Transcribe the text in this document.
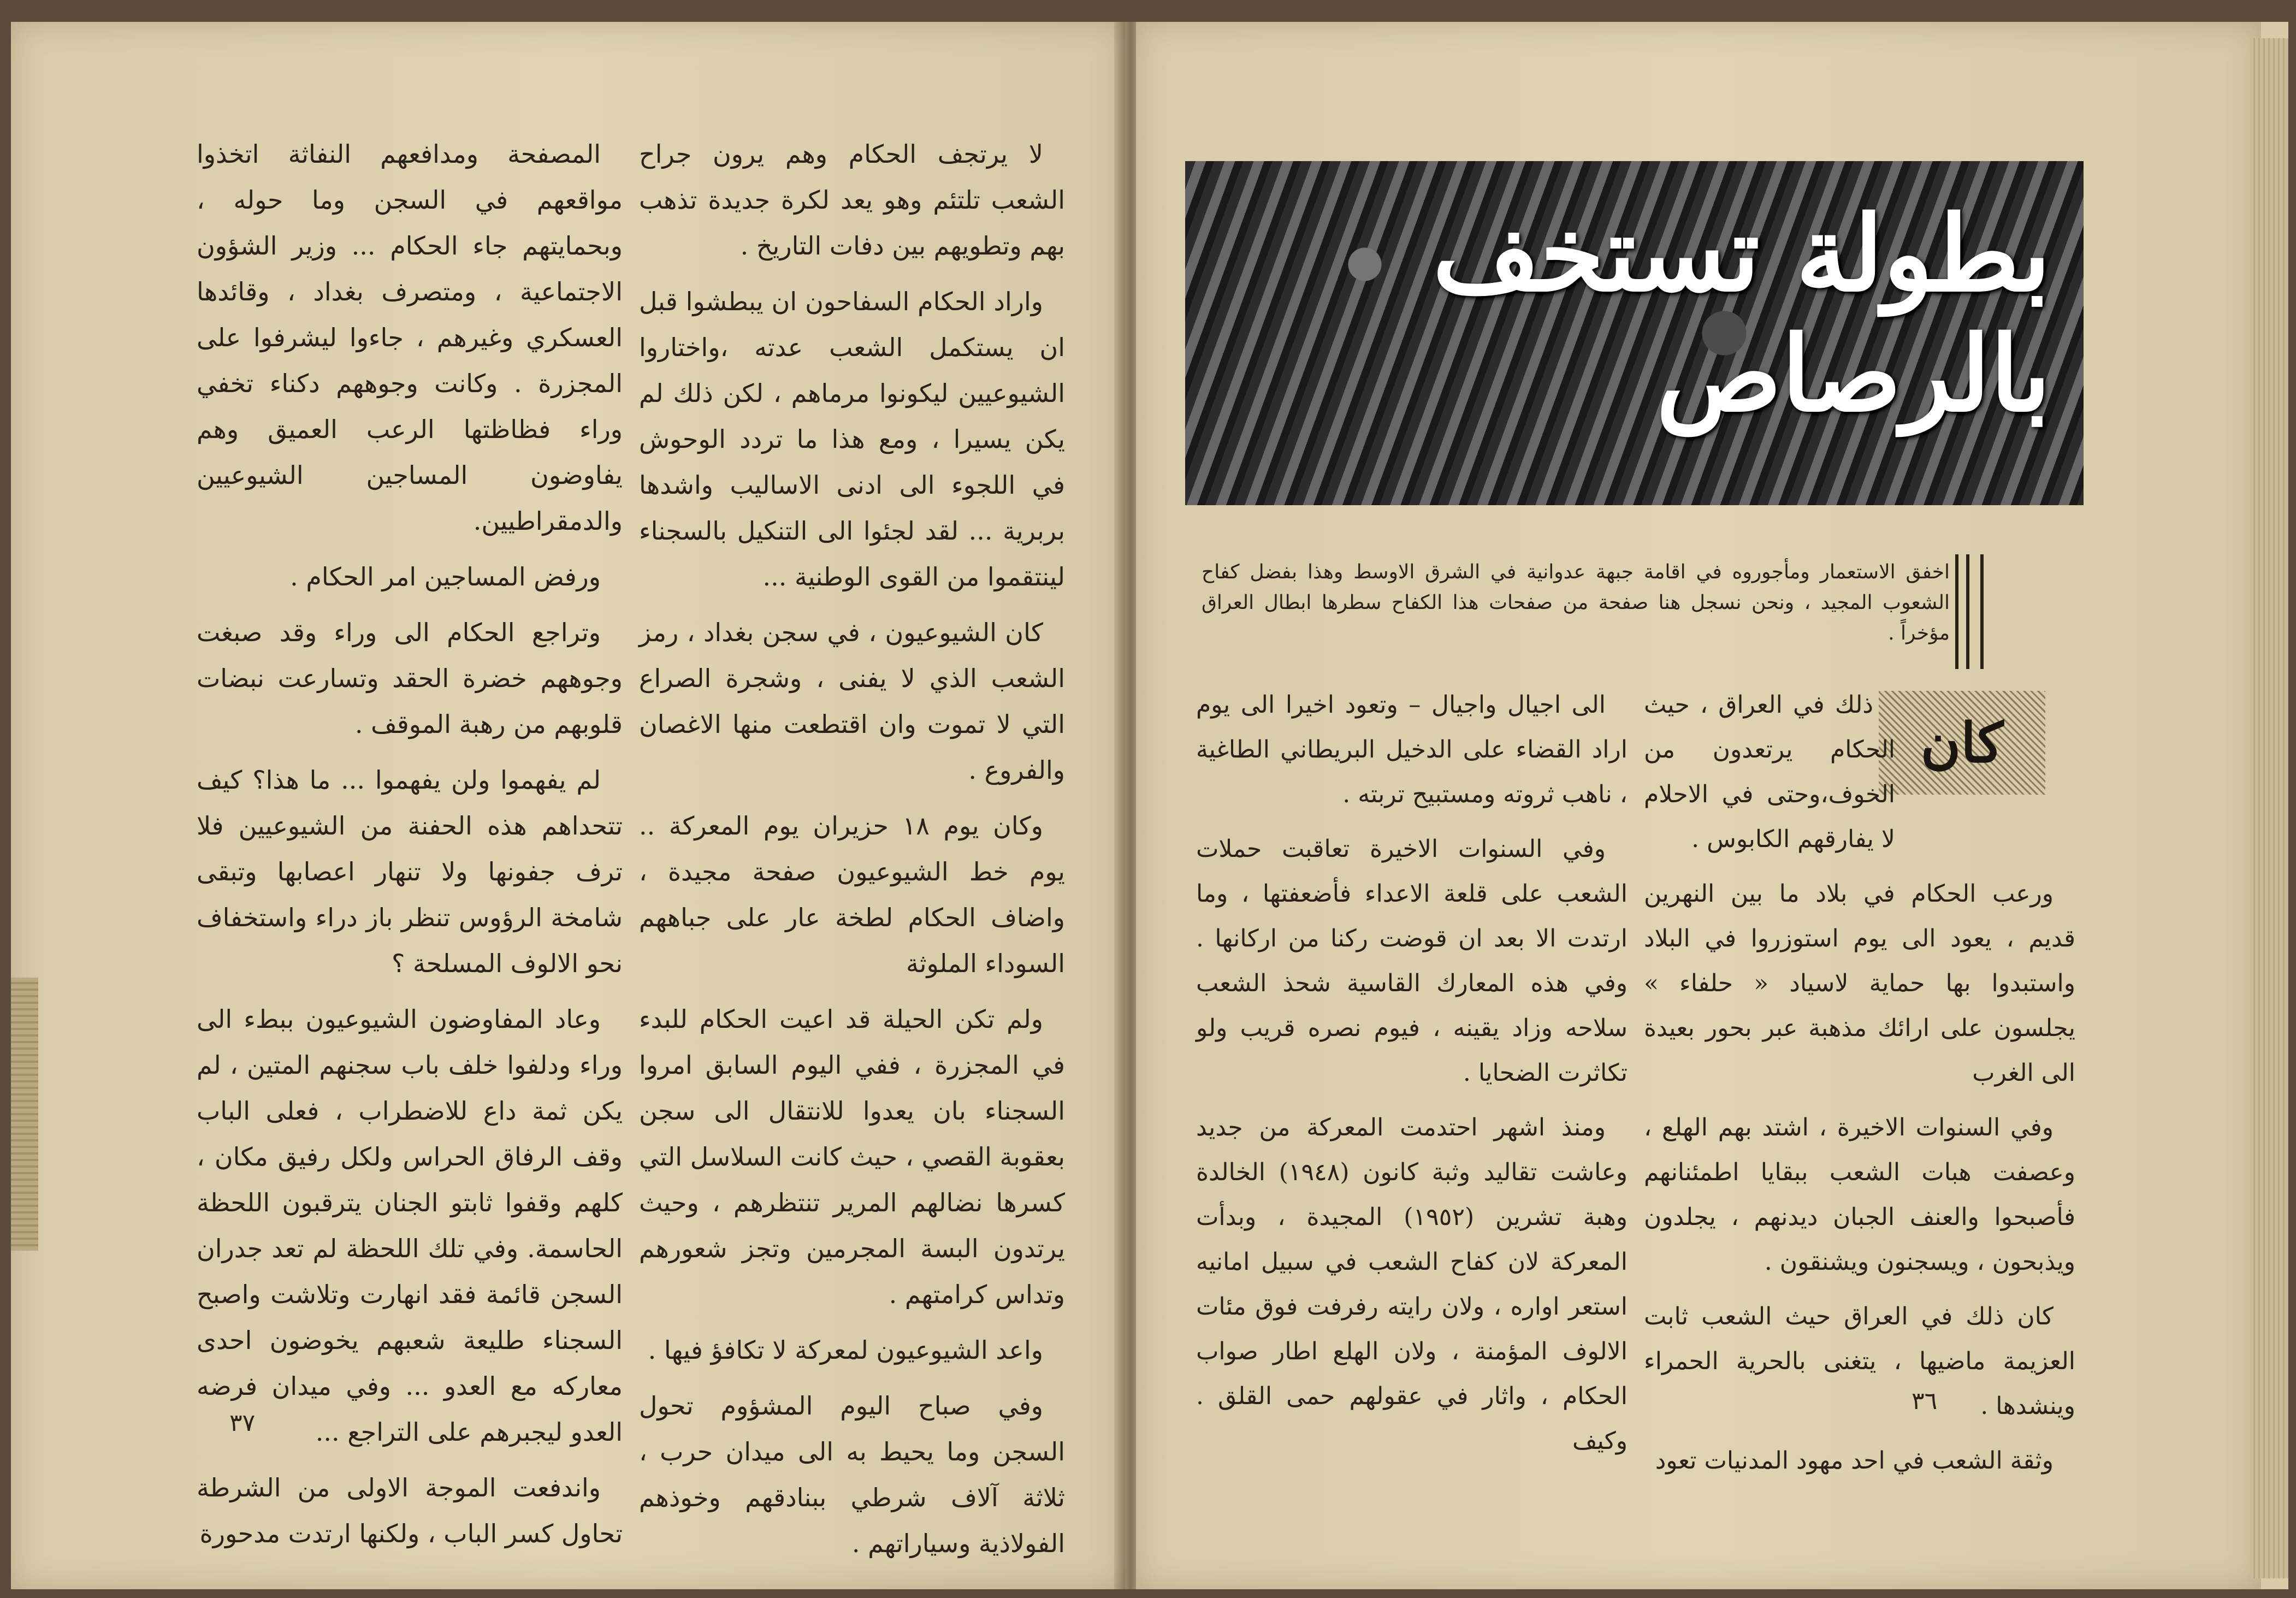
لا يرتجف الحكام وهم يرون جراح الشعب تلتئم وهو يعد لكرة جديدة تذهب بهم وتطويهم بين دفات التاريخ .

واراد الحكام السفاحون ان يبطشوا قبل ان يستكمل الشعب عدته ،واختاروا الشيوعيين ليكونوا مرماهم ، لكن ذلك لم يكن يسيرا ، ومع هذا ما تردد الوحوش في اللجوء الى ادنى الاساليب واشدها بربرية ... لقد لجئوا الى التنكيل بالسجناء لينتقموا من القوى الوطنية ...

كان الشيوعيون ، في سجن بغداد ، رمز الشعب الذي لا يفنى ، وشجرة الصراع التي لا تموت وان اقتطعت منها الاغصان والفروع .

وكان يوم ١٨ حزيران يوم المعركة .. يوم خط الشيوعيون صفحة مجيدة ، واضاف الحكام لطخة عار على جباههم السوداء الملوثة

ولم تكن الحيلة قد اعيت الحكام للبدء في المجزرة ، ففي اليوم السابق امروا السجناء بان يعدوا للانتقال الى سجن بعقوبة القصي ، حيث كانت السلاسل التي كسرها نضالهم المرير تنتظرهم ، وحيث يرتدون البسة المجرمين وتجز شعورهم وتداس كرامتهم .

واعد الشيوعيون لمعركة لا تكافؤ فيها .

وفي صباح اليوم المشؤوم تحول السجن وما يحيط به الى ميدان حرب ، ثلاثة آلاف شرطي ببنادقهم وخوذهم الفولاذية وسياراتهم .

المصفحة ومدافعهم النفاثة اتخذوا مواقعهم في السجن وما حوله ، وبحمايتهم جاء الحكام ... وزير الشؤون الاجتماعية ، ومتصرف بغداد ، وقائدها العسكري وغيرهم ، جاءوا ليشرفوا على المجزرة . وكانت وجوههم دكناء تخفي وراء فظاظتها الرعب العميق وهم يفاوضون المساجين الشيوعيين والدمقراطيين.

ورفض المساجين امر الحكام .

وتراجع الحكام الى وراء وقد صبغت وجوههم خضرة الحقد وتسارعت نبضات قلوبهم من رهبة الموقف .

لم يفهموا ولن يفهموا ... ما هذا؟ كيف تتحداهم هذه الحفنة من الشيوعيين فلا ترف جفونها ولا تنهار اعصابها وتبقى شامخة الرؤوس تنظر باز دراء واستخفاف نحو الالوف المسلحة ؟

وعاد المفاوضون الشيوعيون ببطء الى وراء ودلفوا خلف باب سجنهم المتين ، لم يكن ثمة داع للاضطراب ، فعلى الباب وقف الرفاق الحراس ولكل رفيق مكان ، كلهم وقفوا ثابتو الجنان يترقبون اللحظة الحاسمة. وفي تلك اللحظة لم تعد جدران السجن قائمة فقد انهارت وتلاشت واصبح السجناء طليعة شعبهم يخوضون احدى معاركه مع العدو ... وفي ميدان فرضه العدو ليجبرهم على التراجع ...

واندفعت الموجة الاولى من الشرطة تحاول كسر الباب ، ولكنها ارتدت مدحورة

٣٧
٣٦
بطولة تستخف بالرصاص
اخفق الاستعمار ومأجوروه في اقامة جبهة عدوانية في الشرق الاوسط وهذا بفضل كفاح الشعوب المجيد ، ونحن نسجل هنا صفحة من صفحات هذا الكفاح سطرها ابطال العراق مؤخراً .
كان

ذلك في العراق ، حيث الحكام يرتعدون من الخوف،وحتى في الاحلام لا يفارقهم الكابوس .

ورعب الحكام في بلاد ما بين النهرين قديم ، يعود الى يوم استوزروا في البلاد واستبدوا بها حماية لاسياد « حلفاء » يجلسون على ارائك مذهبة عبر بحور بعيدة الى الغرب

وفي السنوات الاخيرة ، اشتد بهم الهلع ، وعصفت هبات الشعب ببقايا اطمئنانهم فأصبحوا والعنف الجبان ديدنهم ، يجلدون ويذبحون ، ويسجنون ويشنقون .

كان ذلك في العراق حيث الشعب ثابت العزيمة ماضيها ، يتغنى بالحرية الحمراء وينشدها .

وثقة الشعب في احد مهود المدنيات تعود

الى اجيال واجيال – وتعود اخيرا الى يوم اراد القضاء على الدخيل البريطاني الطاغية ، ناهب ثروته ومستبيح تربته .

وفي السنوات الاخيرة تعاقبت حملات الشعب على قلعة الاعداء فأضعفتها ، وما ارتدت الا بعد ان قوضت ركنا من اركانها . وفي هذه المعارك القاسية شحذ الشعب سلاحه وزاد يقينه ، فيوم نصره قريب ولو تكاثرت الضحايا .

ومنذ اشهر احتدمت المعركة من جديد وعاشت تقاليد وثبة كانون (١٩٤٨) الخالدة وهبة تشرين (١٩٥٢) المجيدة ، وبدأت المعركة لان كفاح الشعب في سبيل امانيه استعر اواره ، ولان رايته رفرفت فوق مئات الالوف المؤمنة ، ولان الهلع اطار صواب الحكام ، واثار في عقولهم حمى القلق . وكيف
